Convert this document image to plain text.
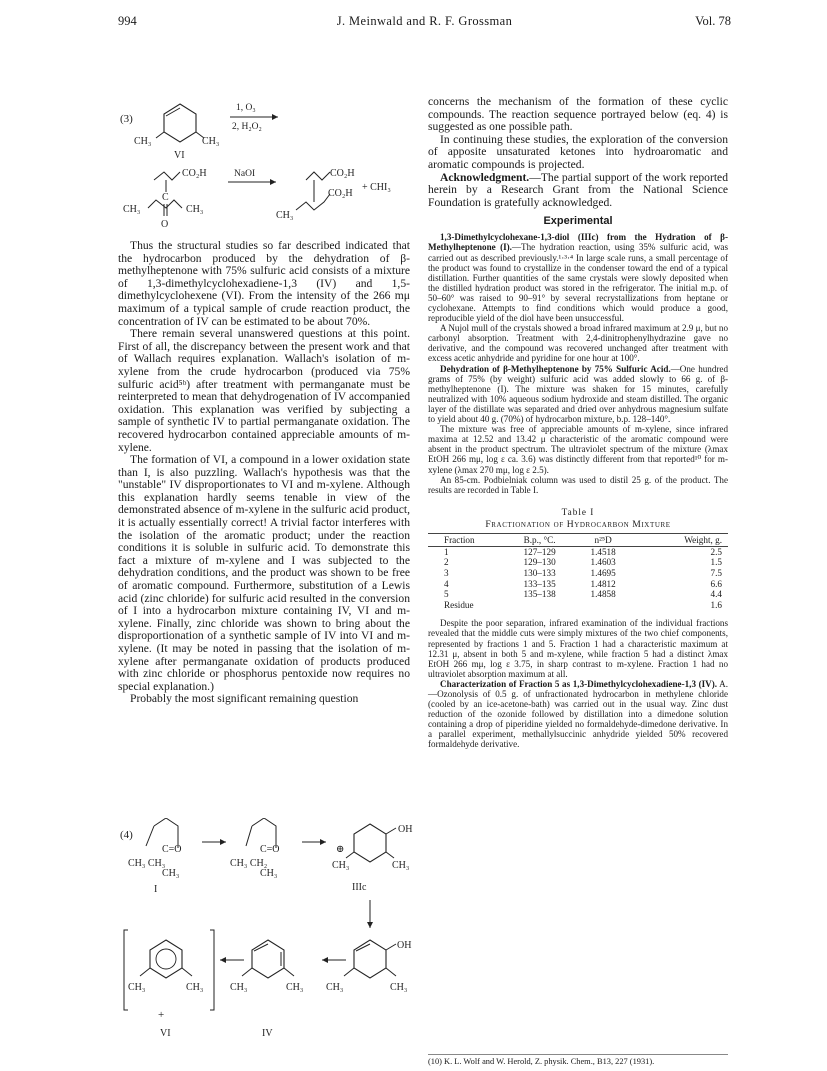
994	J. Meinwald and R. F. Grossman	Vol. 78
(3)
CH₃	CH₃
VI
1, O₃
2, H₂O₂
CO₂H
CH₃
C
O
CH₃
NaOI	CO₂H
CO₂H
+ CHI₃
CH₃

Thus the structural studies so far described indicated that the hydrocarbon produced by the dehydration of β-methylheptenone with 75% sulfuric acid consists of a mixture of 1,3-dimethylcyclohexadiene-1,3 (IV) and 1,5-dimethylcyclohexene (VI). From the intensity of the 266 mμ maximum of a typical sample of crude reaction product, the concentration of IV can be estimated to be about 70%.

There remain several unanswered questions at this point. First of all, the discrepancy between the present work and that of Wallach requires explanation. Wallach's isolation of m-xylene from the crude hydrocarbon (produced via 75% sulfuric acid⁵ᵇ) after treatment with permanganate must be reinterpreted to mean that dehydrogenation of IV accompanied oxidation. This explanation was verified by subjecting a sample of synthetic IV to partial permanganate oxidation. The recovered hydrocarbon contained appreciable amounts of m-xylene.

The formation of VI, a compound in a lower oxidation state than I, is also puzzling. Wallach's hypothesis was that the "unstable" IV disproportionates to VI and m-xylene. Although this explanation hardly seems tenable in view of the demonstrated absence of m-xylene in the sulfuric acid product, it is actually essentially correct! A trivial factor interferes with the isolation of the aromatic product; under the reaction conditions it is soluble in sulfuric acid. To demonstrate this fact a mixture of m-xylene and I was subjected to the dehydration conditions, and the product was shown to be free of aromatic compound. Furthermore, substitution of a Lewis acid (zinc chloride) for sulfuric acid resulted in the conversion of I into a hydrocarbon mixture containing IV, VI and m-xylene. Finally, zinc chloride was shown to bring about the disproportionation of a synthetic sample of IV into VI and m-xylene. (It may be noted in passing that the isolation of m-xylene after permanganate oxidation of products produced with zinc chloride or phosphorus pentoxide now requires no special explanation.)

Probably the most significant remaining question

(4)
C=O
CH₃ CH₃
CH₃
I
C=O
CH₃ CH₂
CH₃
OH
⊕
CH₃	CH₃
IIIc
CH₃	CH₃
+
VI
CH₃	CH₃
IV
OH
CH₃	CH₃

concerns the mechanism of the formation of these cyclic compounds. The reaction sequence portrayed below (eq. 4) is suggested as one possible path.

In continuing these studies, the exploration of the conversion of apposite unsaturated ketones into hydroaromatic and aromatic compounds is projected.

Acknowledgment.—The partial support of the work reported herein by a Research Grant from the National Science Foundation is gratefully acknowledged.

Experimental

1,3-Dimethylcyclohexane-1,3-diol (IIIc) from the Hydration of β-Methylheptenone (I).—The hydration reaction, using 35% sulfuric acid, was carried out as described previously.¹·³·⁴ In large scale runs, a small percentage of the product was found to crystallize in the condenser toward the end of a typical distillation. Further quantities of the same crystals were slowly deposited when the distilled hydration product was stored in the refrigerator. The initial m.p. of 50–60° was raised to 90–91° by several recrystallizations from heptane or cyclohexane. Attempts to find conditions which would produce a good, reproducible yield of the diol have been unsuccessful.

A Nujol mull of the crystals showed a broad infrared maximum at 2.9 μ, but no carbonyl absorption. Treatment with 2,4-dinitrophenylhydrazine gave no derivative, and the compound was recovered unchanged after treatment with excess acetic anhydride and pyridine for one hour at 100°.

Dehydration of β-Methylheptenone by 75% Sulfuric Acid.—One hundred grams of 75% (by weight) sulfuric acid was added slowly to 66 g. of β-methylheptenone (I). The mixture was shaken for 15 minutes, carefully neutralized with 10% aqueous sodium hydroxide and steam distilled. The organic layer of the distillate was separated and dried over anhydrous magnesium sulfate to yield about 40 g. (70%) of hydrocarbon mixture, b.p. 128–140°.

The mixture was free of appreciable amounts of m-xylene, since infrared maxima at 12.52 and 13.42 μ characteristic of the aromatic compound were absent in the product spectrum. The ultraviolet spectrum of the mixture (λmax EtOH 266 mμ, log ε ca. 3.6) was distinctly different from that reported¹⁰ for m-xylene (λmax 270 mμ, log ε 2.5).

An 85-cm. Podbielniak column was used to distil 25 g. of the product. The results are recorded in Table I.

Table I
Fractionation of Hydrocarbon Mixture
Fraction	B.p., °C.	n²⁵D	Weight, g.
1	127–129	1.4518	2.5
2	129–130	1.4603	1.5
3	130–133	1.4695	7.5
4	133–135	1.4812	6.6
5	135–138	1.4858	4.4
Residue			1.6

Despite the poor separation, infrared examination of the individual fractions revealed that the middle cuts were simply mixtures of the two chief components, represented by fractions 1 and 5. Fraction 1 had a characteristic maximum at 12.31 μ, absent in both 5 and m-xylene, while fraction 5 had a distinct λmax EtOH 266 mμ, log ε 3.75, in sharp contrast to m-xylene. Fraction 1 had no ultraviolet absorption maximum at all.

Characterization of Fraction 5 as 1,3-Dimethylcyclohexadiene-1,3 (IV). A.—Ozonolysis of 0.5 g. of unfractionated hydrocarbon in methylene chloride (cooled by an ice-acetone-bath) was carried out in the usual way. Zinc dust reduction of the ozonide followed by distillation into a dimedone solution containing a drop of piperidine yielded no formaldehyde-dimedone derivative. In a parallel experiment, methallylsuccinic anhydride yielded 50% recovered formaldehyde derivative.

(10) K. L. Wolf and W. Herold, Z. physik. Chem., B13, 227 (1931).
